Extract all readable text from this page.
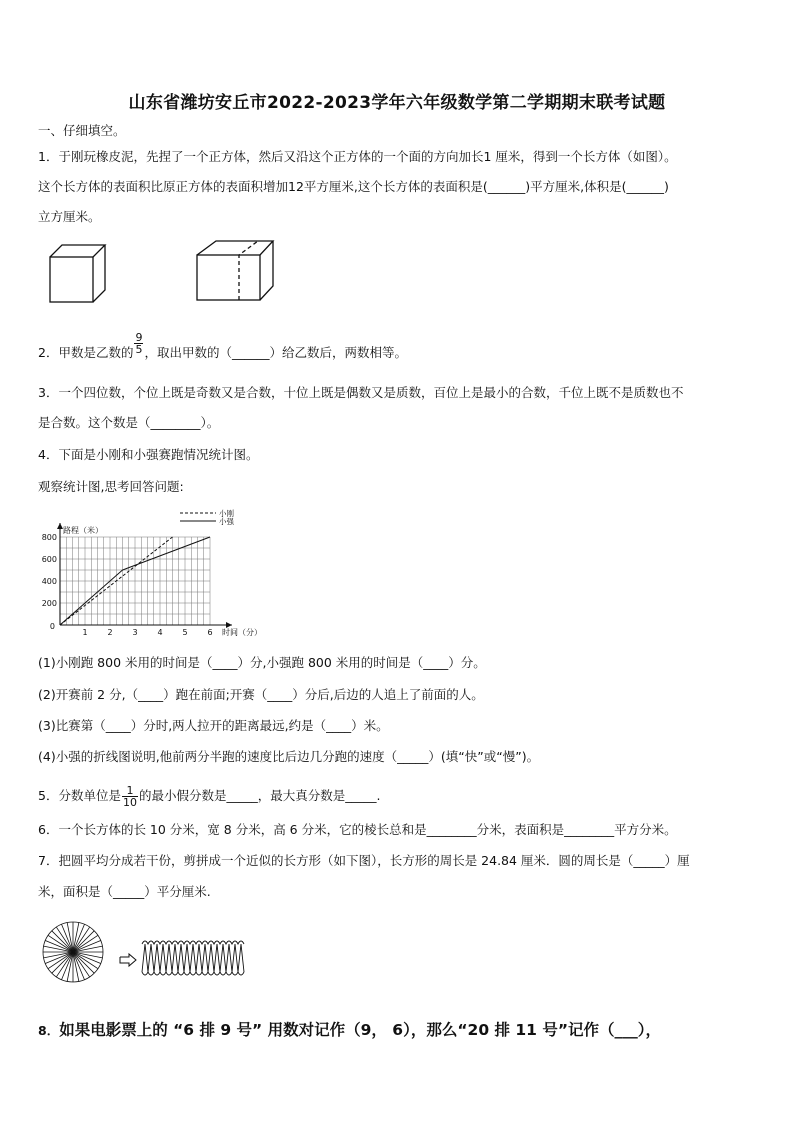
山东省潍坊安丘市2022-2023学年六年级数学第二学期期末联考试题
一、仔细填空。
1．于刚玩橡皮泥，先捏了一个正方体，然后又沿这个正方体的一个面的方向加长1 厘米，得到一个长方体（如图）。
这个长方体的表面积比原正方体的表面积增加12平方厘米,这个长方体的表面积是(______)平方厘米,体积是(______)
立方厘米。
2．甲数是乙数的 $\frac{9}{5}$ ，取出甲数的（______）给乙数后，两数相等。
3．一个四位数，个位上既是奇数又是合数，十位上既是偶数又是质数，百位上是最小的合数，千位上既不是质数也不
是合数。这个数是（________）。
4．下面是小刚和小强赛跑情况统计图。
观察统计图,思考回答问题:
1 2 3 4 5 6
200
400
600
800
0
路程（米）
时间（分）
小刚
小强
(1)小刚跑 800 米用的时间是（____）分,小强跑 800 米用的时间是（____）分。
(2)开赛前 2 分,（____）跑在前面;开赛（____）分后,后边的人追上了前面的人。
(3)比赛第（____）分时,两人拉开的距离最远,约是（____）米。
(4)小强的折线图说明,他前两分半跑的速度比后边几分跑的速度（_____）(填“快”或“慢”)。
5．分数单位是 $\frac{1}{10}$ 的最小假分数是_____，最大真分数是_____.
6．一个长方体的长 10 分米，宽 8 分米，高 6 分米，它的棱长总和是________分米，表面积是________平方分米。
7．把圆平均分成若干份，剪拼成一个近似的长方形（如下图），长方形的周长是 24.84 厘米．圆的周长是（_____）厘
米，面积是（_____）平分厘米.
8．如果电影票上的 “6 排 9 号” 用数对记作（9， 6），那么“20 排 11 号”记作（___），
